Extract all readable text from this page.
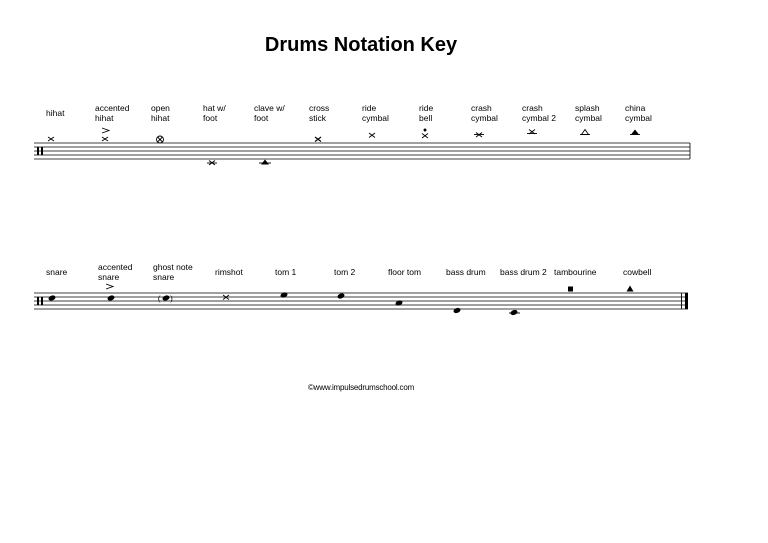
Drums Notation Key
hihat	accented
hihat
open
hihat
hat w/
foot
clave w/
foot
cross
stick
ride
cymbal
ride
bell
crash
cymbal
crash
cymbal 2
splash
cymbal
china
cymbal
snare	accented
snare
ghost note
snare	rimshot	tom 1	tom 2	floor tom	bass drum bass drum 2 tambourine	cowbell
( )
©www.impulsedrumschool.com
